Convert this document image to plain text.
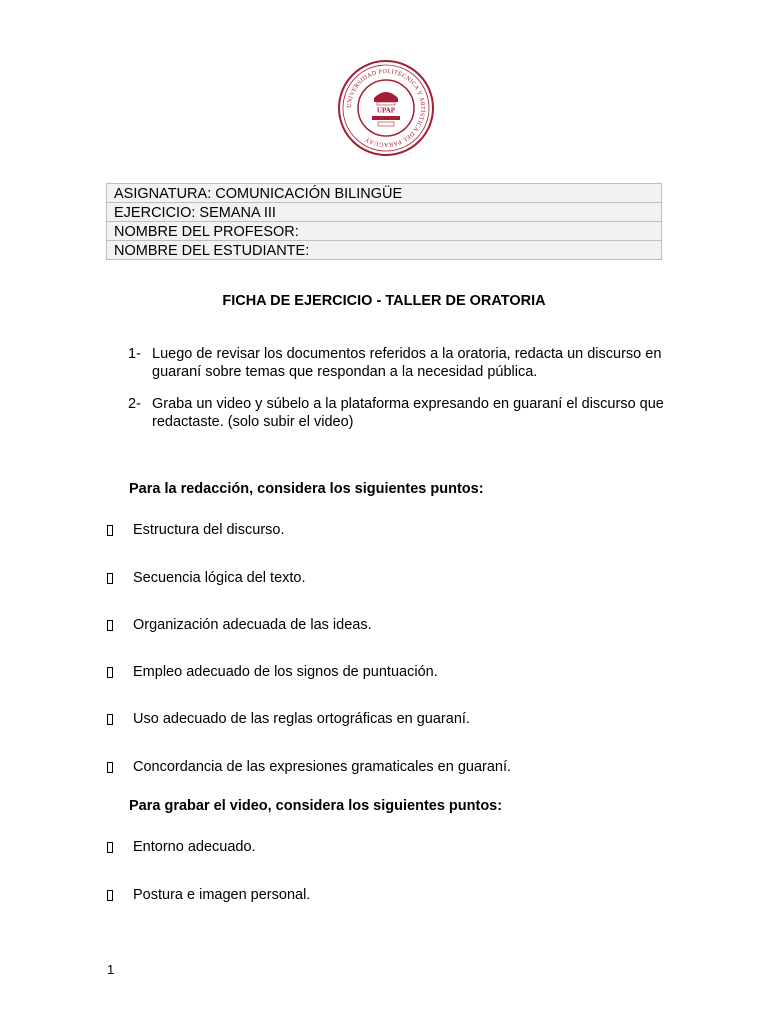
UNIVERSIDAD POLITÉCNICA Y ARTÍSTICA DEL PARAGUAY
UPAP
ASIGNATURA: COMUNICACIÓN BILINGÜE
EJERCICIO: SEMANA III
NOMBRE DEL PROFESOR:
NOMBRE DEL ESTUDIANTE:
FICHA DE EJERCICIO - TALLER DE ORATORIA
1- Luego de revisar los documentos referidos a la oratoria, redacta un discurso en guaraní sobre temas que respondan a la necesidad pública.
2- Graba un video y súbelo a la plataforma expresando en guaraní el discurso que redactaste. (solo subir el video)
Para la redacción, considera los siguientes puntos:
Estructura del discurso.
Secuencia lógica del texto.
Organización adecuada de las ideas.
Empleo adecuado de los signos de puntuación.
Uso adecuado de las reglas ortográficas en guaraní.
Concordancia de las expresiones gramaticales en guaraní.
Para grabar el video, considera los siguientes puntos:
Entorno adecuado.
Postura e imagen personal.
1
